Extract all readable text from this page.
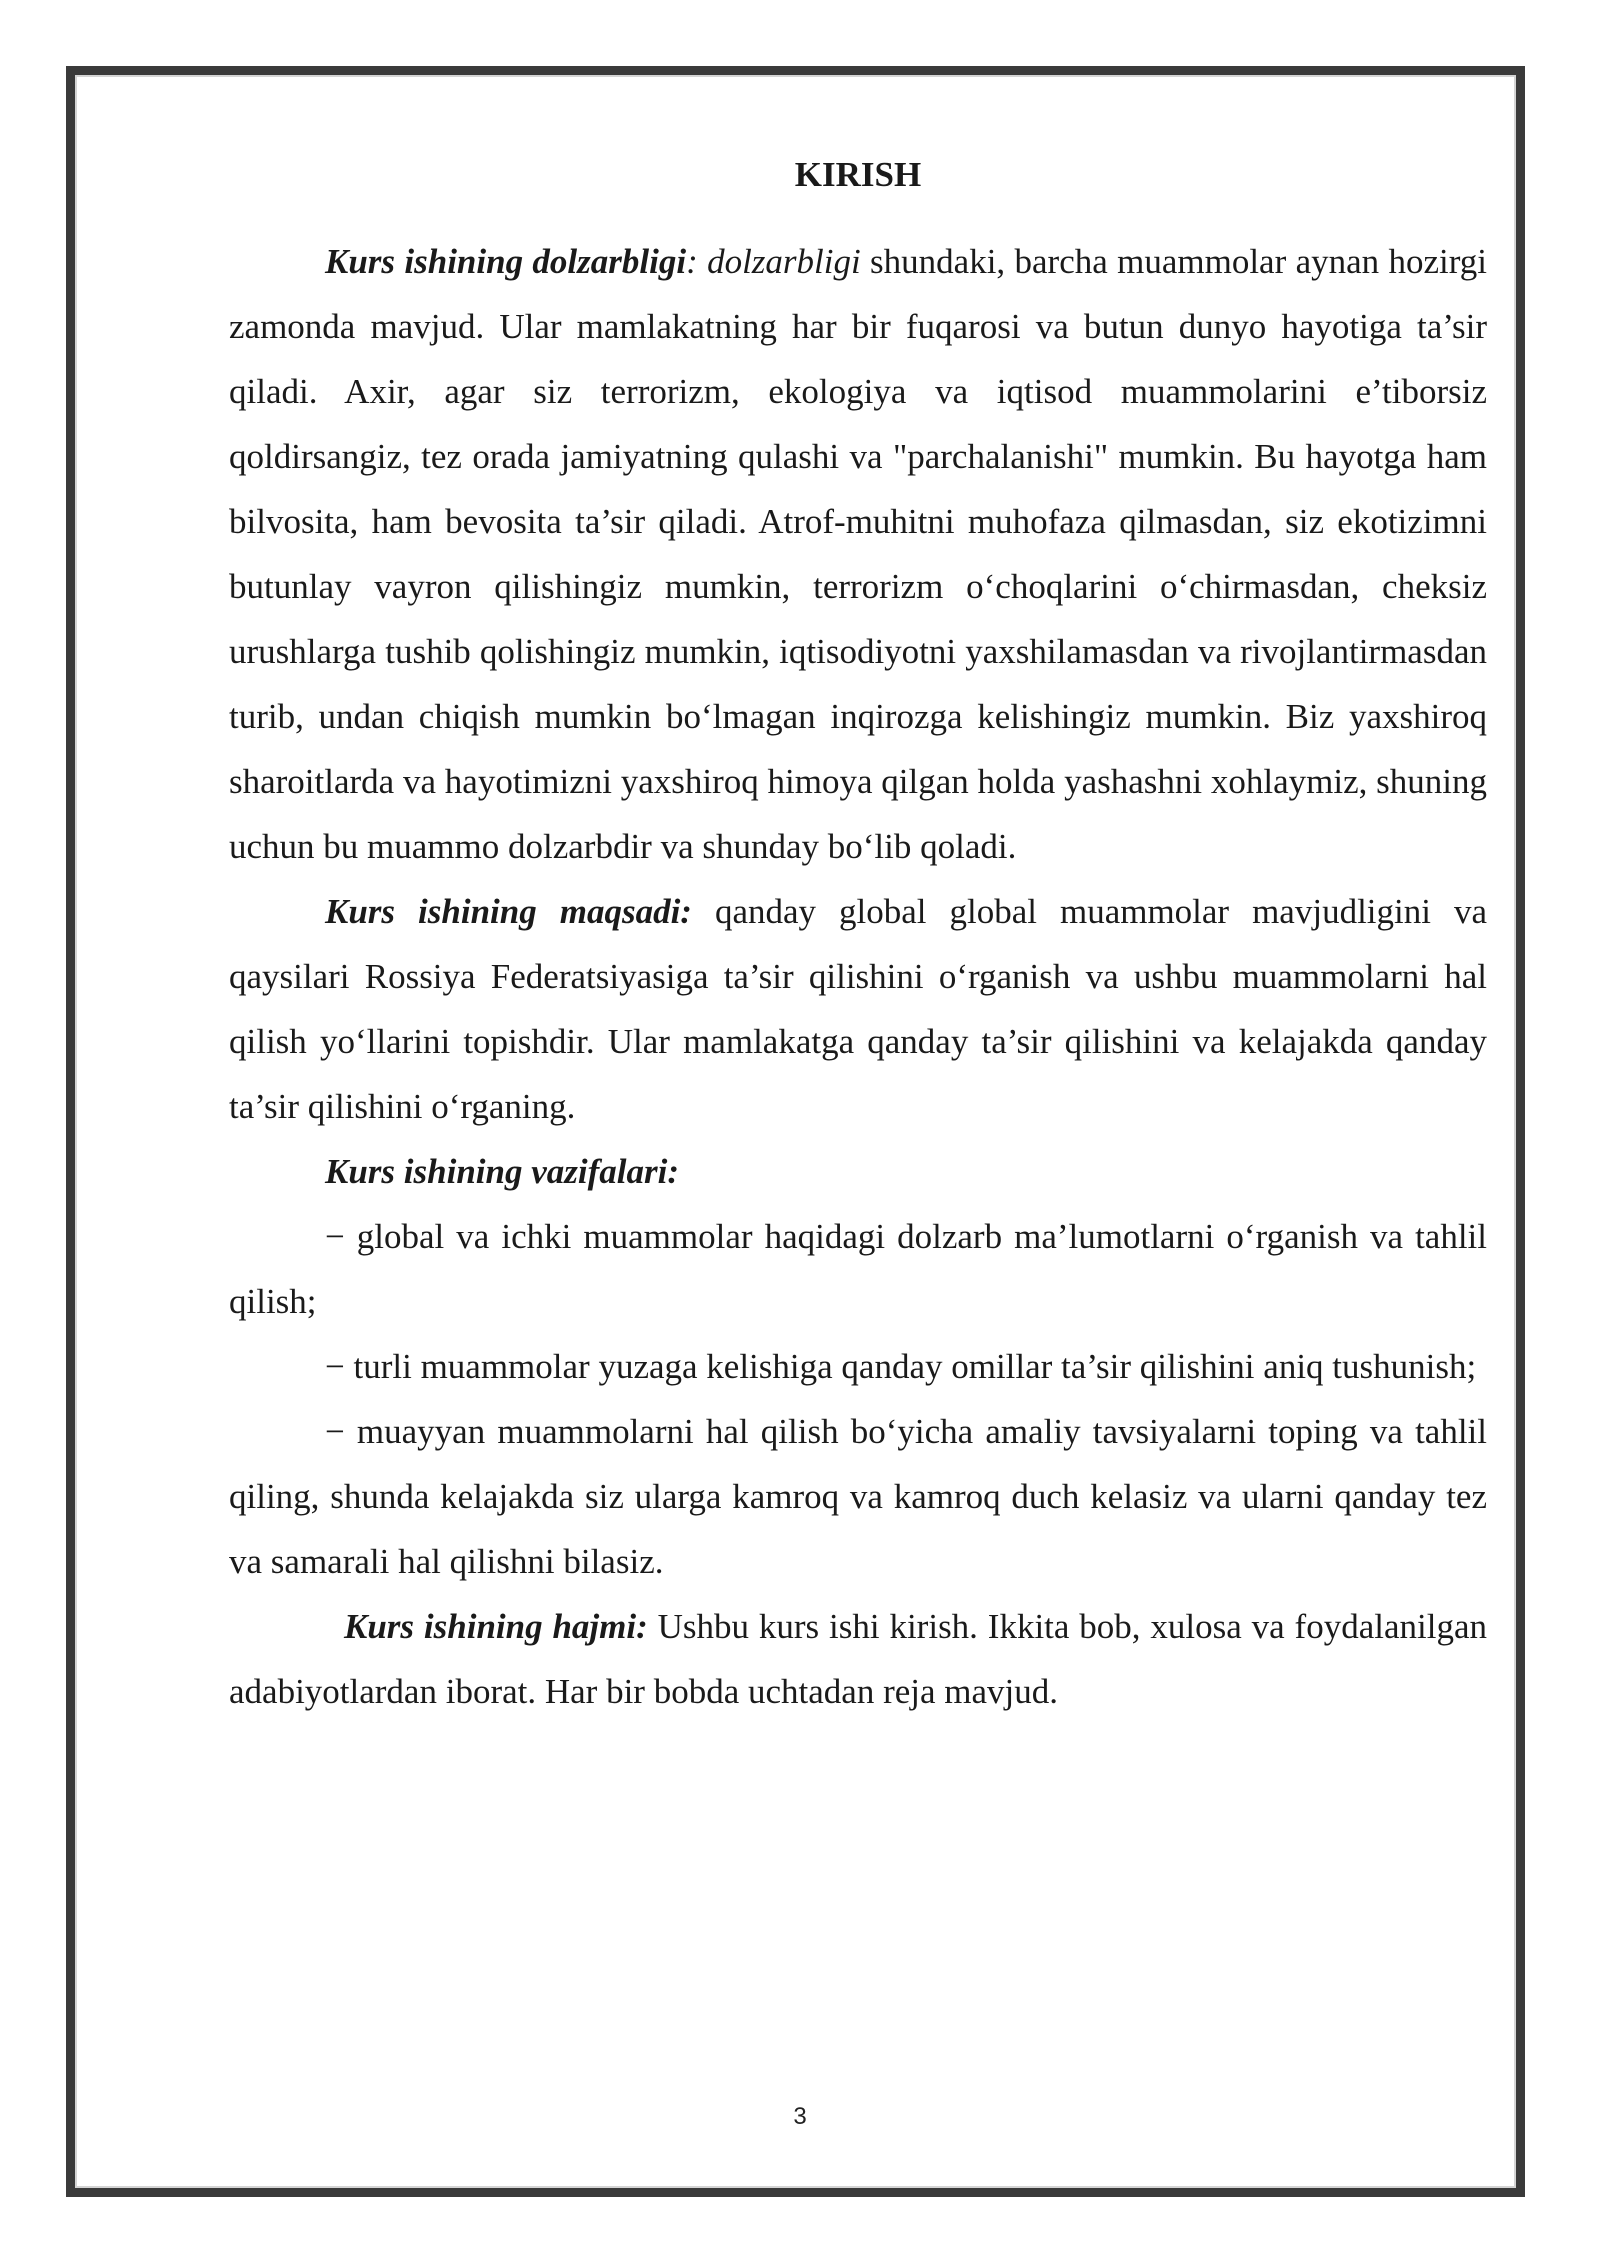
KIRISH

Kurs ishining dolzarbligi: dolzarbligi shundaki, barcha muammolar aynan hozirgi zamonda mavjud. Ular mamlakatning har bir fuqarosi va butun dunyo hayotiga ta’sir qiladi. Axir, agar siz terrorizm, ekologiya va iqtisod muammolarini e’tiborsiz qoldirsangiz, tez orada jamiyatning qulashi va "parchalanishi" mumkin. Bu hayotga ham bilvosita, ham bevosita ta’sir qiladi. Atrof-muhitni muhofaza qilmasdan, siz ekotizimni butunlay vayron qilishingiz mumkin, terrorizm o‘choqlarini o‘chirmasdan, cheksiz urushlarga tushib qolishingiz mumkin, iqtisodiyotni yaxshilamasdan va rivojlantirmasdan turib, undan chiqish mumkin bo‘lmagan inqirozga kelishingiz mumkin. Biz yaxshiroq sharoitlarda va hayotimizni yaxshiroq himoya qilgan holda yashashni xohlaymiz, shuning uchun bu muammo dolzarbdir va shunday bo‘lib qoladi.

Kurs ishining maqsadi: qanday global global muammolar mavjudligini va qaysilari Rossiya Federatsiyasiga ta’sir qilishini o‘rganish va ushbu muammolarni hal qilish yo‘llarini topishdir. Ular mamlakatga qanday ta’sir qilishini va kelajakda qanday ta’sir qilishini o‘rganing.

Kurs ishining vazifalari:

− global va ichki muammolar haqidagi dolzarb ma’lumotlarni o‘rganish va tahlil qilish;

− turli muammolar yuzaga kelishiga qanday omillar ta’sir qilishini aniq tushunish;

− muayyan muammolarni hal qilish bo‘yicha amaliy tavsiyalarni toping va tahlil qiling, shunda kelajakda siz ularga kamroq va kamroq duch kelasiz va ularni qanday tez va samarali hal qilishni bilasiz.

Kurs ishining hajmi: Ushbu kurs ishi kirish. Ikkita bob, xulosa va foydalanilgan adabiyotlardan iborat. Har bir bobda uchtadan reja mavjud.

3
